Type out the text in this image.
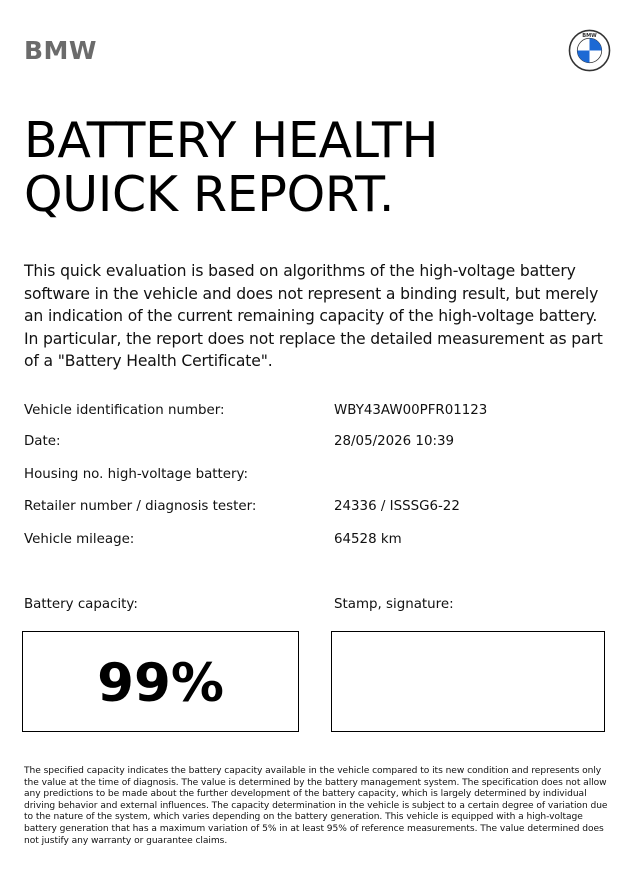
BMW	BMW
BATTERY HEALTH
QUICK REPORT.
This quick evaluation is based on algorithms of the high-voltage battery software in the vehicle and does not represent a binding result, but merely an indication of the current remaining capacity of the high-voltage battery. In particular, the report does not replace the detailed measurement as part of a "Battery Health Certificate".
Vehicle identification number:	WBY43AW00PFR01123
Date:	28/05/2026 10:39
Housing no. high-voltage battery:
Retailer number / diagnosis tester:	24336 / ISSSG6-22
Vehicle mileage:	64528 km
Battery capacity:	Stamp, signature:
99%
The specified capacity indicates the battery capacity available in the vehicle compared to its new condition and represents only the value at the time of diagnosis. The value is determined by the battery management system. The specification does not allow any predictions to be made about the further development of the battery capacity, which is largely determined by individual driving behavior and external influences. The capacity determination in the vehicle is subject to a certain degree of variation due to the nature of the system, which varies depending on the battery generation. This vehicle is equipped with a high-voltage battery generation that has a maximum variation of 5% in at least 95% of reference measurements. The value determined does not justify any warranty or guarantee claims.
